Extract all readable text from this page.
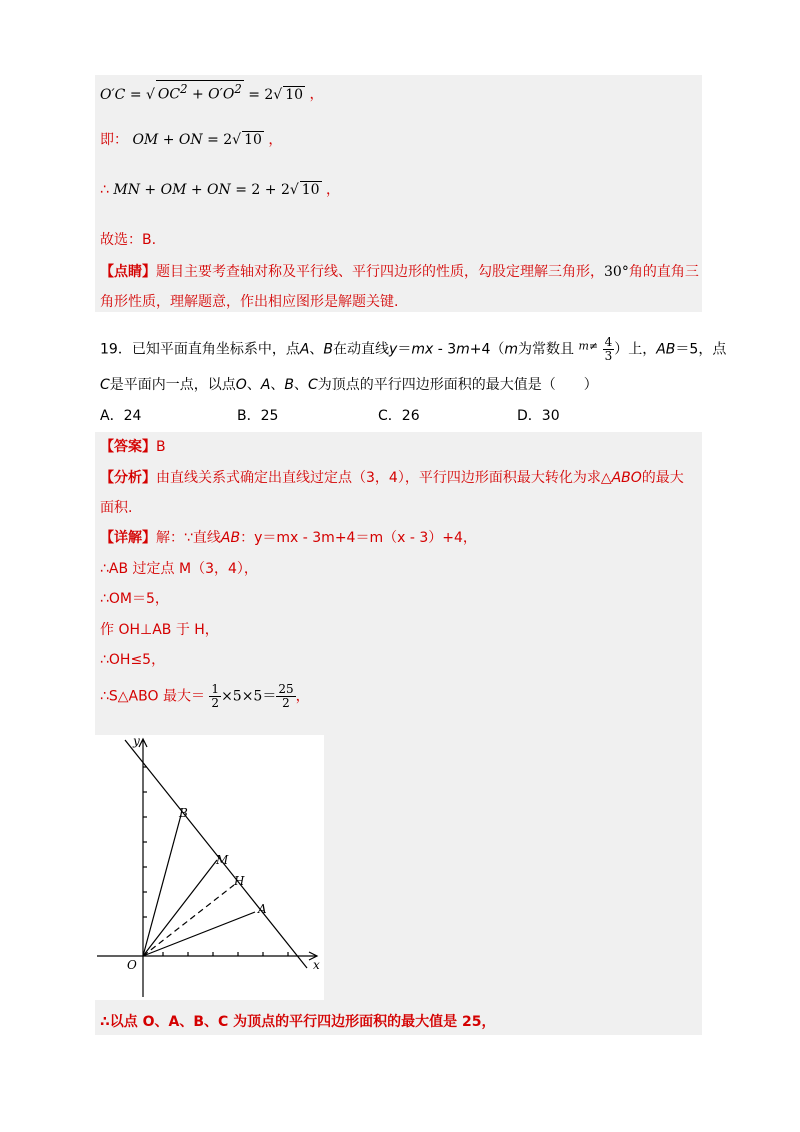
O′C = √ $OC^2 + O'O^2 = 2√$ 10 ，
即： OM + ON = 2√ 10 ，
∴ MN + OM + ON = 2 + 2√ 10 ，
故选：B.
【点睛】题目主要考查轴对称及平行线、平行四边形的性质，勾股定理解三角形，30°角的直角三
角形性质，理解题意，作出相应图形是解题关键.
19．已知平面直角坐标系中，点A、B在动直线y＝mx - 3m+4（m为常数且 $^{m\ne} \frac{4}{3}$ ）上，AB＝5，点
C是平面内一点，以点O、A、B、C为顶点的平行四边形面积的最大值是（　　）
A．24	B．25	C．26	D．30
【答案】B
【分析】由直线关系式确定出直线过定点（3，4），平行四边形面积最大转化为求△ABO的最大
面积.
【详解】解：∵直线AB：y＝mx - 3m+4＝m（x - 3）+4，
∴AB 过定点 M（3，4），
∴OM＝5，
作 OH⊥AB 于 H，
∴OH≤5，
∴S△ABO 最大＝ $\frac{1}{2} \times 5\times 5= \frac{25}{2}$ ，
y
x
O
B
M
H
A
∴以点 O、A、B、C 为顶点的平行四边形面积的最大值是 25，
